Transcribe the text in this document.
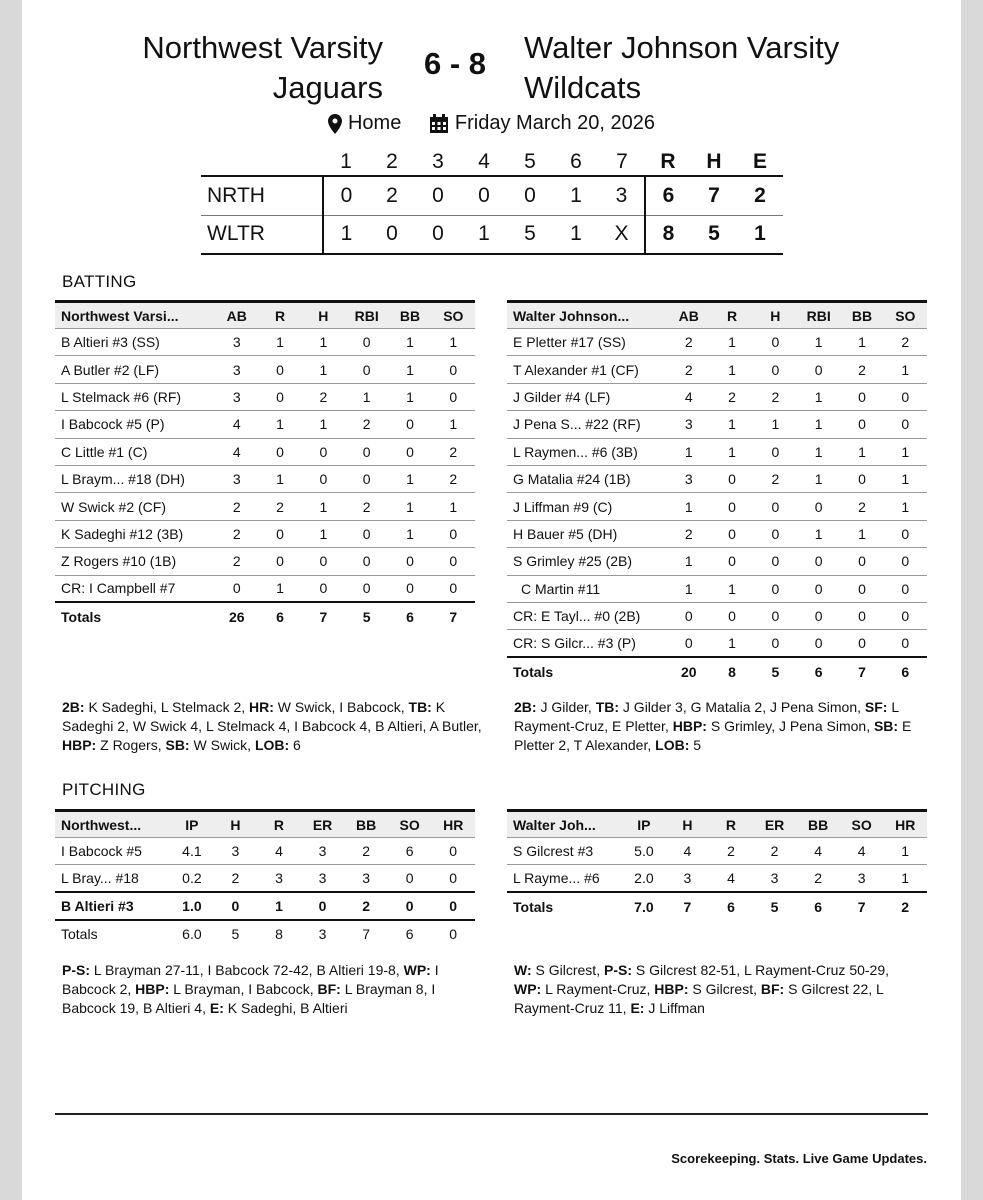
Northwest Varsity
Jaguars
6 - 8	Walter Johnson Varsity
Wildcats
Home
	Friday March 20, 2026
	1	2	3	4	5	6	7	R	H	E
NRTH	0	2	0	0	0	1	3	6	7	2
WLTR	1	0	0	1	5	1	X	8	5	1
BATTING
Northwest Varsi...	AB	R	H	RBI	BB	SO
B Altieri #3 (SS)	3	1	1	0	1	1
A Butler #2 (LF)	3	0	1	0	1	0
L Stelmack #6 (RF)	3	0	2	1	1	0
I Babcock #5 (P)	4	1	1	2	0	1
C Little #1 (C)	4	0	0	0	0	2
L Braym... #18 (DH)	3	1	0	0	1	2
W Swick #2 (CF)	2	2	1	2	1	1
K Sadeghi #12 (3B)	2	0	1	0	1	0
Z Rogers #10 (1B)	2	0	0	0	0	0
CR: I Campbell #7	0	1	0	0	0	0
Totals	26	6	7	5	6	7
Walter Johnson...	AB	R	H	RBI	BB	SO
E Pletter #17 (SS)	2	1	0	1	1	2
T Alexander #1 (CF)	2	1	0	0	2	1
J Gilder #4 (LF)	4	2	2	1	0	0
J Pena S... #22 (RF)	3	1	1	1	0	0
L Raymen... #6 (3B)	1	1	0	1	1	1
G Matalia #24 (1B)	3	0	2	1	0	1
J Liffman #9 (C)	1	0	0	0	2	1
H Bauer #5 (DH)	2	0	0	1	1	0
S Grimley #25 (2B)	1	0	0	0	0	0
C Martin #11	1	1	0	0	0	0
CR: E Tayl... #0 (2B)	0	0	0	0	0	0
CR: S Gilcr... #3 (P)	0	1	0	0	0	0
Totals	20	8	5	6	7	6
2B: K Sadeghi, L Stelmack 2, HR: W Swick, I Babcock, TB: K Sadeghi 2, W Swick 4, L Stelmack 4, I Babcock 4, B Altieri, A Butler, HBP: Z Rogers, SB: W Swick, LOB: 6
2B: J Gilder, TB: J Gilder 3, G Matalia 2, J Pena Simon, SF: L Rayment-Cruz, E Pletter, HBP: S Grimley, J Pena Simon, SB: E Pletter 2, T Alexander, LOB: 5
PITCHING
Northwest...	IP	H	R	ER	BB	SO	HR
I Babcock #5	4.1	3	4	3	2	6	0
L Bray... #18	0.2	2	3	3	3	0	0
B Altieri #3	1.0	0	1	0	2	0	0
Totals	6.0	5	8	3	7	6	0
Walter Joh...	IP	H	R	ER	BB	SO	HR
S Gilcrest #3	5.0	4	2	2	4	4	1
L Rayme... #6	2.0	3	4	3	2	3	1
Totals	7.0	7	6	5	6	7	2
P-S: L Brayman 27-11, I Babcock 72-42, B Altieri 19-8, WP: I Babcock 2, HBP: L Brayman, I Babcock, BF: L Brayman 8, I Babcock 19, B Altieri 4, E: K Sadeghi, B Altieri
W: S Gilcrest, P-S: S Gilcrest 82-51, L Rayment-Cruz 50-29, WP: L Rayment-Cruz, HBP: S Gilcrest, BF: S Gilcrest 22, L Rayment-Cruz 11, E: J Liffman
Scorekeeping. Stats. Live Game Updates.
